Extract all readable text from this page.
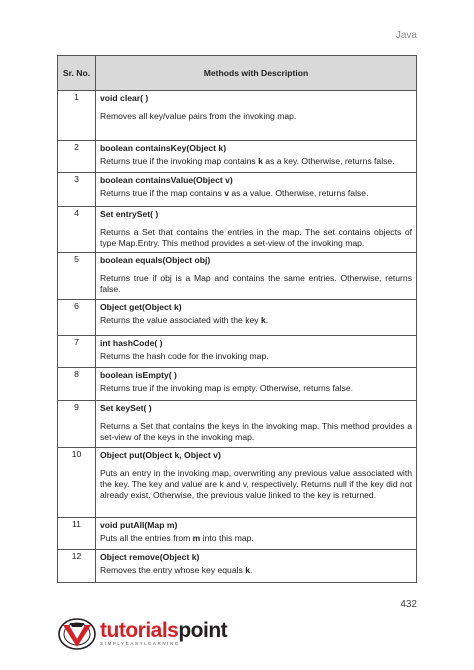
Java
Sr. No.	Methods with Description
1	void clear( )
Removes all key/value pairs from the invoking map.

2	boolean containsKey(Object k)
Returns true if the invoking map contains k as a key. Otherwise, returns false.

3	boolean containsValue(Object v)
Returns true if the map contains v as a value. Otherwise, returns false.

4	Set entrySet( )
Returns a Set that contains the entries in the map. The set contains objects of type Map.Entry. This method provides a set-view of the invoking map.

5	boolean equals(Object obj)
Returns true if obj is a Map and contains the same entries. Otherwise, returns false.

6	Object get(Object k)
Returns the value associated with the key k.

7	int hashCode( )
Returns the hash code for the invoking map.

8	boolean isEmpty( )
Returns true if the invoking map is empty. Otherwise, returns false.

9	Set keySet( )
Returns a Set that contains the keys in the invoking map. This method provides a set-view of the keys in the invoking map.

10	Object put(Object k, Object v)
Puts an entry in the invoking map, overwriting any previous value associated with the key. The key and value are k and v, respectively. Returns null if the key did not already exist. Otherwise, the previous value linked to the key is returned.

11	void putAll(Map m)
Puts all the entries from m into this map.

12	Object remove(Object k)
Removes the entry whose key equals k.
432
tutorialspoint
SIMPLYEASYLEARNING
